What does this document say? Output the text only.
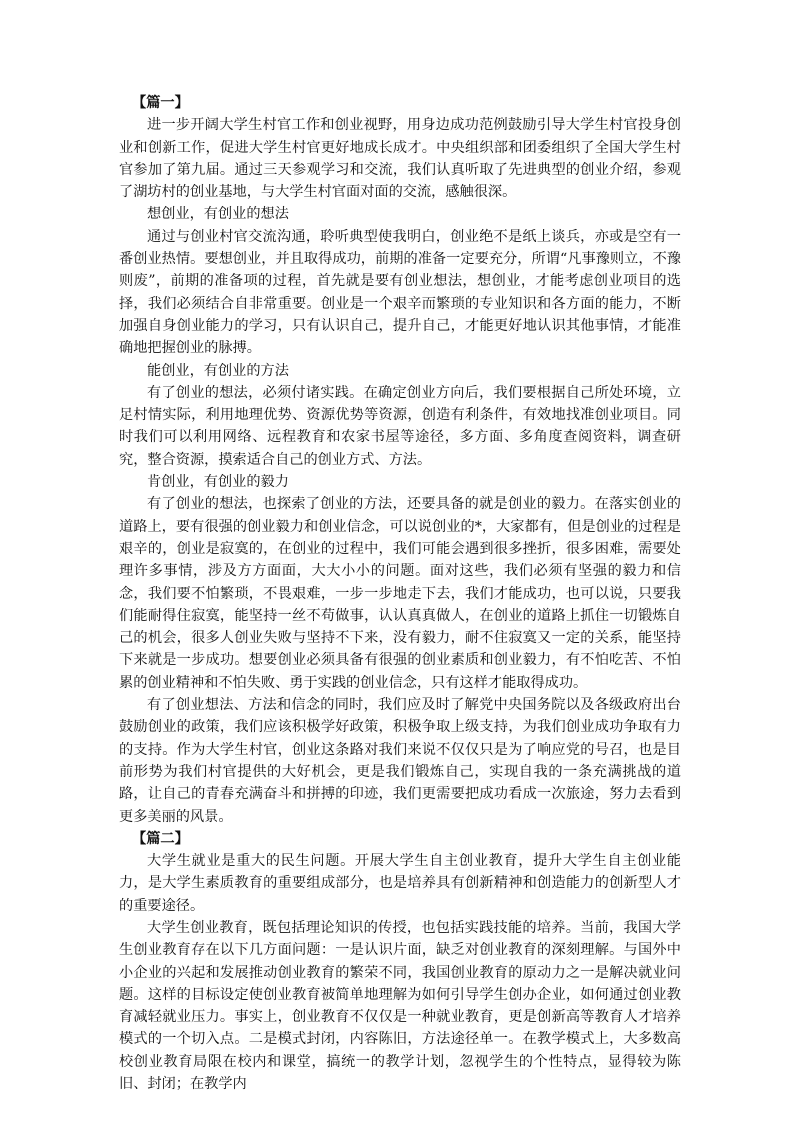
【篇一】

进一步开阔大学生村官工作和创业视野，用身边成功范例鼓励引导大学生村官投身创业和创新工作，促进大学生村官更好地成长成才。中央组织部和团委组织了全国大学生村官参加了第九届。通过三天参观学习和交流，我们认真听取了先进典型的创业介绍，参观了湖坊村的创业基地，与大学生村官面对面的交流，感触很深。

想创业，有创业的想法

通过与创业村官交流沟通，聆听典型使我明白，创业绝不是纸上谈兵，亦或是空有一番创业热情。要想创业，并且取得成功，前期的准备一定要充分，所谓“凡事豫则立，不豫则废”，前期的准备项的过程，首先就是要有创业想法，想创业，才能考虑创业项目的选择，我们必须结合自非常重要。创业是一个艰辛而繁琐的专业知识和各方面的能力，不断加强自身创业能力的学习，只有认识自己，提升自己，才能更好地认识其他事情，才能准确地把握创业的脉搏。

能创业，有创业的方法

有了创业的想法，必须付诸实践。在确定创业方向后，我们要根据自己所处环境，立足村情实际，利用地理优势、资源优势等资源，创造有利条件，有效地找准创业项目。同时我们可以利用网络、远程教育和农家书屋等途径，多方面、多角度查阅资料，调查研究，整合资源，摸索适合自己的创业方式、方法。

肯创业，有创业的毅力

有了创业的想法，也探索了创业的方法，还要具备的就是创业的毅力。在落实创业的道路上，要有很强的创业毅力和创业信念，可以说创业的*，大家都有，但是创业的过程是艰辛的，创业是寂寞的，在创业的过程中，我们可能会遇到很多挫折，很多困难，需要处理许多事情，涉及方方面面，大大小小的问题。面对这些，我们必须有坚强的毅力和信念，我们要不怕繁琐，不畏艰难，一步一步地走下去，我们才能成功，也可以说，只要我们能耐得住寂寞，能坚持一丝不苟做事，认认真真做人，在创业的道路上抓住一切锻炼自己的机会，很多人创业失败与坚持不下来，没有毅力，耐不住寂寞又一定的关系，能坚持下来就是一步成功。想要创业必须具备有很强的创业素质和创业毅力，有不怕吃苦、不怕累的创业精神和不怕失败、勇于实践的创业信念，只有这样才能取得成功。

有了创业想法、方法和信念的同时，我们应及时了解党中央国务院以及各级政府出台鼓励创业的政策，我们应该积极学好政策，积极争取上级支持，为我们创业成功争取有力的支持。作为大学生村官，创业这条路对我们来说不仅仅只是为了响应党的号召，也是目前形势为我们村官提供的大好机会，更是我们锻炼自己，实现自我的一条充满挑战的道路，让自己的青春充满奋斗和拼搏的印迹，我们更需要把成功看成一次旅途，努力去看到更多美丽的风景。

【篇二】

大学生就业是重大的民生问题。开展大学生自主创业教育，提升大学生自主创业能力，是大学生素质教育的重要组成部分，也是培养具有创新精神和创造能力的创新型人才的重要途径。

大学生创业教育，既包括理论知识的传授，也包括实践技能的培养。当前，我国大学生创业教育存在以下几方面问题：一是认识片面，缺乏对创业教育的深刻理解。与国外中小企业的兴起和发展推动创业教育的繁荣不同，我国创业教育的原动力之一是解决就业问题。这样的目标设定使创业教育被简单地理解为如何引导学生创办企业，如何通过创业教育减轻就业压力。事实上，创业教育不仅仅是一种就业教育，更是创新高等教育人才培养模式的一个切入点。二是模式封闭，内容陈旧，方法途径单一。在教学模式上，大多数高校创业教育局限在校内和课堂，搞统一的教学计划，忽视学生的个性特点，显得较为陈旧、封闭；在教学内
